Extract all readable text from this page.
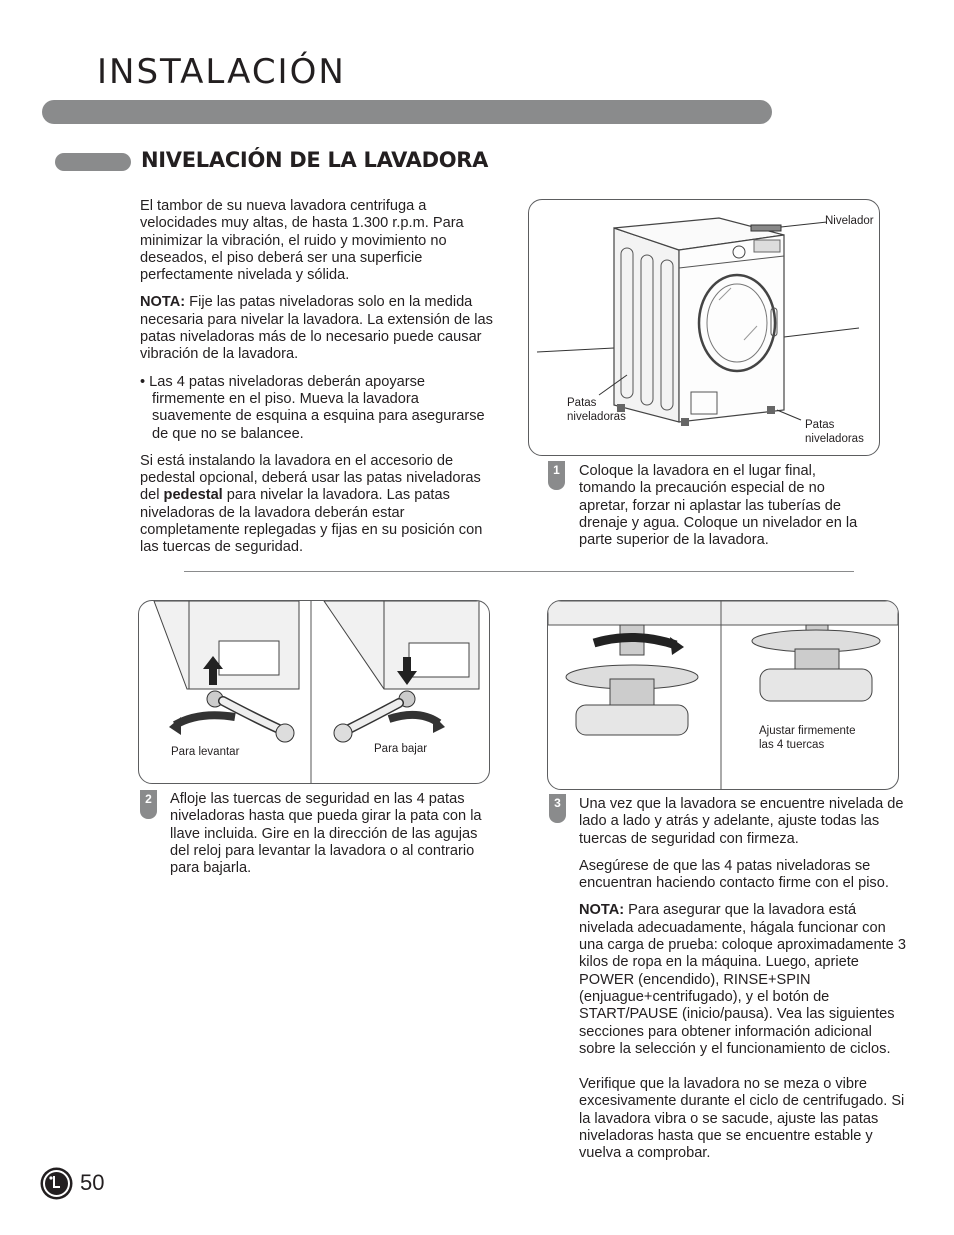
INSTALACIÓN
NIVELACIÓN DE LA LAVADORA

El tambor de su nueva lavadora centrifuga a velocidades muy altas, de hasta 1.300 r.p.m. Para minimizar la vibración, el ruido y movimiento no deseados, el piso deberá ser una superficie perfectamente nivelada y sólida.

NOTA: Fije las patas niveladoras solo en la medida necesaria para nivelar la lavadora. La extensión de las patas niveladoras más de lo necesario puede causar vibración de la lavadora.

• Las 4 patas niveladoras deberán apoyarse firmemente en el piso. Mueva la lavadora suavemente de esquina a esquina para asegurarse de que no se balancee.

Si está instalando la lavadora en el accesorio de pedestal opcional, deberá usar las patas niveladoras del pedestal para nivelar la lavadora. Las patas niveladoras de la lavadora deberán estar completamente replegadas y fijas en su posición con las tuercas de seguridad.

Nivelador
Patas
niveladoras
Patas
niveladoras
1	Coloque la lavadora en el lugar final, tomando la precaución especial de no apretar, forzar ni aplastar las tuberías de drenaje y agua. Coloque un nivelador en la parte superior de la lavadora.
Para levantar	Para bajar
2	Afloje las tuercas de seguridad en las 4 patas niveladoras hasta que pueda girar la pata con la llave incluida. Gire en la dirección de las agujas del reloj para levantar la lavadora o al contrario para bajarla.
Ajustar firmemente
las 4 tuercas
3	Una vez que la lavadora se encuentre nivelada de lado a lado y atrás y adelante, ajuste todas las tuercas de seguridad con firmeza.

Asegúrese de que las 4 patas niveladoras se encuentran haciendo contacto firme con el piso.

NOTA: Para asegurar que la lavadora está nivelada adecuadamente, hágala funcionar con una carga de prueba: coloque aproximadamente 3 kilos de ropa en la máquina. Luego, apriete POWER (encendido), RINSE+SPIN (enjuague+centrifugado), y el botón de START/PAUSE (inicio/pausa). Vea las siguientes secciones para obtener información adicional sobre la selección y el funcionamiento de ciclos.

Verifique que la lavadora no se meza o vibre excesivamente durante el ciclo de centrifugado. Si la lavadora vibra o se sacude, ajuste las patas niveladoras hasta que se encuentre estable y vuelva a comprobar.

50
